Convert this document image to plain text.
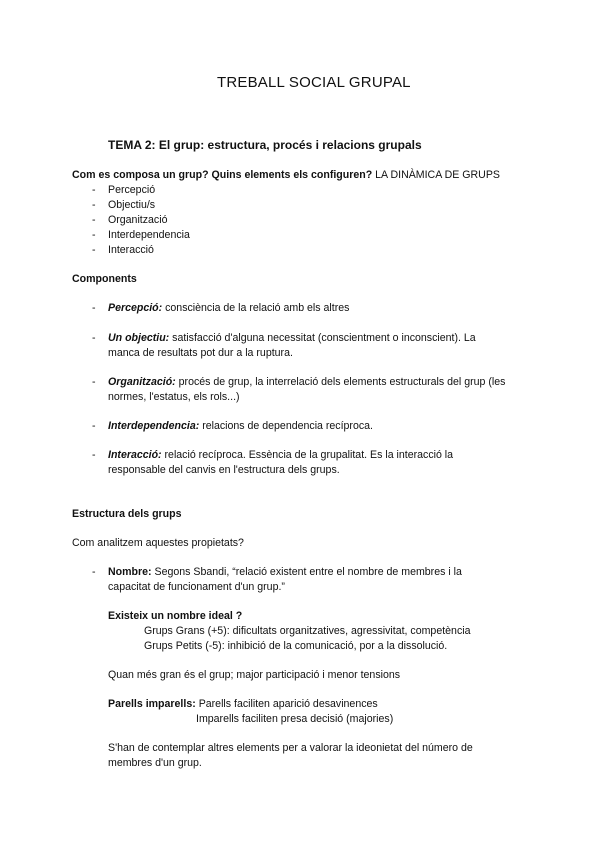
TREBALL SOCIAL GRUPAL
TEMA 2: El grup: estructura, procés i relacions grupals
Com es composa un grup? Quins elements els configuren? LA DINÀMICA DE GRUPS
- Percepció
- Objectiu/s
- Organització
- Interdependencia
- Interacció
Components
- Percepció: consciència de la relació amb els altres
- Un objectiu: satisfacció d'alguna necessitat (conscientment o inconscient). La
manca de resultats pot dur a la ruptura.
- Organització: procés de grup, la interrelació dels elements estructurals del grup (les
normes, l'estatus, els rols...)
- Interdependencia: relacions de dependencia recíproca.
- Interacció: relació recíproca. Essència de la grupalitat. Es la interacció la
responsable del canvis en l'estructura dels grups.
Estructura dels grups
Com analitzem aquestes propietats?
- Nombre: Segons Sbandi, “relació existent entre el nombre de membres i la
capacitat de funcionament d'un grup.”
Existeix un nombre ideal ?
Grups Grans (+5): dificultats organitzatives, agressivitat, competència
Grups Petits (-5): inhibició de la comunicació, por a la dissolució.
Quan més gran és el grup; major participació i menor tensions
Parells imparells: Parells faciliten aparició desavinences
Imparells faciliten presa decisió (majories)
S'han de contemplar altres elements per a valorar la ideonietat del número de
membres d'un grup.
